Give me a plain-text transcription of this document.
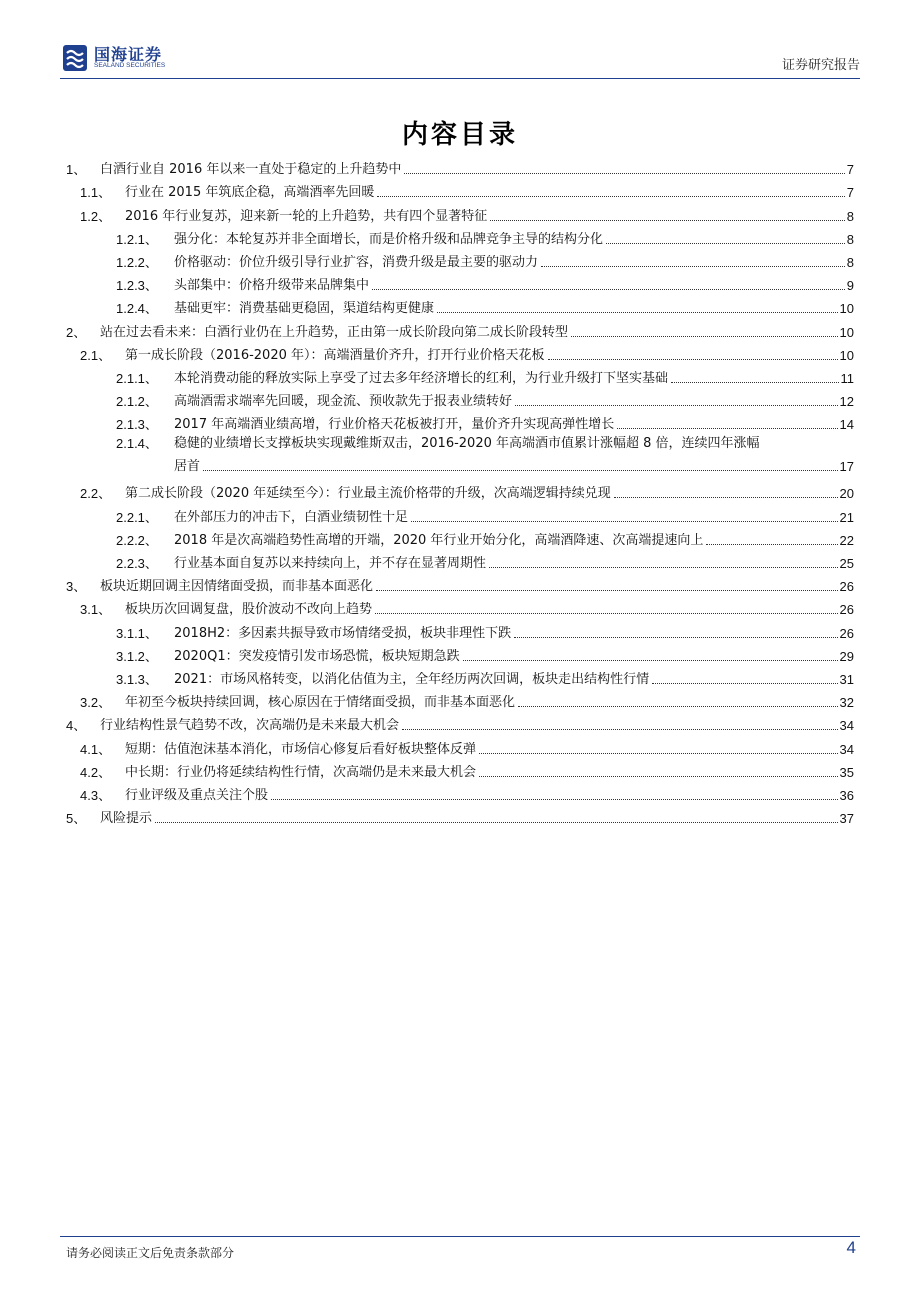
国海证券
SEALAND SECURITIES	证券研究报告
内容目录
1、	白酒行业自 2016 年以来一直处于稳定的上升趋势中	7
1.1、	行业在 2015 年筑底企稳，高端酒率先回暖	7
1.2、	2016 年行业复苏，迎来新一轮的上升趋势，共有四个显著特征	8
1.2.1、	强分化：本轮复苏并非全面增长，而是价格升级和品牌竞争主导的结构分化	8
1.2.2、	价格驱动：价位升级引导行业扩容，消费升级是最主要的驱动力	8
1.2.3、	头部集中：价格升级带来品牌集中	9
1.2.4、	基础更牢：消费基础更稳固，渠道结构更健康	10
2、	站在过去看未来：白酒行业仍在上升趋势，正由第一成长阶段向第二成长阶段转型	10
2.1、	第一成长阶段（2016-2020 年）：高端酒量价齐升，打开行业价格天花板	10
2.1.1、	本轮消费动能的释放实际上享受了过去多年经济增长的红利，为行业升级打下坚实基础	11
2.1.2、	高端酒需求端率先回暖，现金流、预收款先于报表业绩转好	12
2.1.3、	2017 年高端酒业绩高增，行业价格天花板被打开，量价齐升实现高弹性增长	14
2.1.4、 稳健的业绩增长支撑板块实现戴维斯双击，2016-2020 年高端酒市值累计涨幅超 8 倍，连续四年涨幅
居首	17
2.2、	第二成长阶段（2020 年延续至今）：行业最主流价格带的升级，次高端逻辑持续兑现	20
2.2.1、	在外部压力的冲击下，白酒业绩韧性十足	21
2.2.2、	2018 年是次高端趋势性高增的开端，2020 年行业开始分化，高端酒降速、次高端提速向上	22
2.2.3、	行业基本面自复苏以来持续向上，并不存在显著周期性	25
3、	板块近期回调主因情绪面受损，而非基本面恶化	26
3.1、	板块历次回调复盘，股价波动不改向上趋势	26
3.1.1、	2018H2：多因素共振导致市场情绪受损，板块非理性下跌	26
3.1.2、	2020Q1：突发疫情引发市场恐慌，板块短期急跌	29
3.1.3、	2021：市场风格转变，以消化估值为主，全年经历两次回调，板块走出结构性行情	31
3.2、	年初至今板块持续回调，核心原因在于情绪面受损，而非基本面恶化	32
4、	行业结构性景气趋势不改，次高端仍是未来最大机会	34
4.1、	短期：估值泡沫基本消化，市场信心修复后看好板块整体反弹	34
4.2、	中长期：行业仍将延续结构性行情，次高端仍是未来最大机会	35
4.3、	行业评级及重点关注个股	36
5、	风险提示	37
请务必阅读正文后免责条款部分	4
